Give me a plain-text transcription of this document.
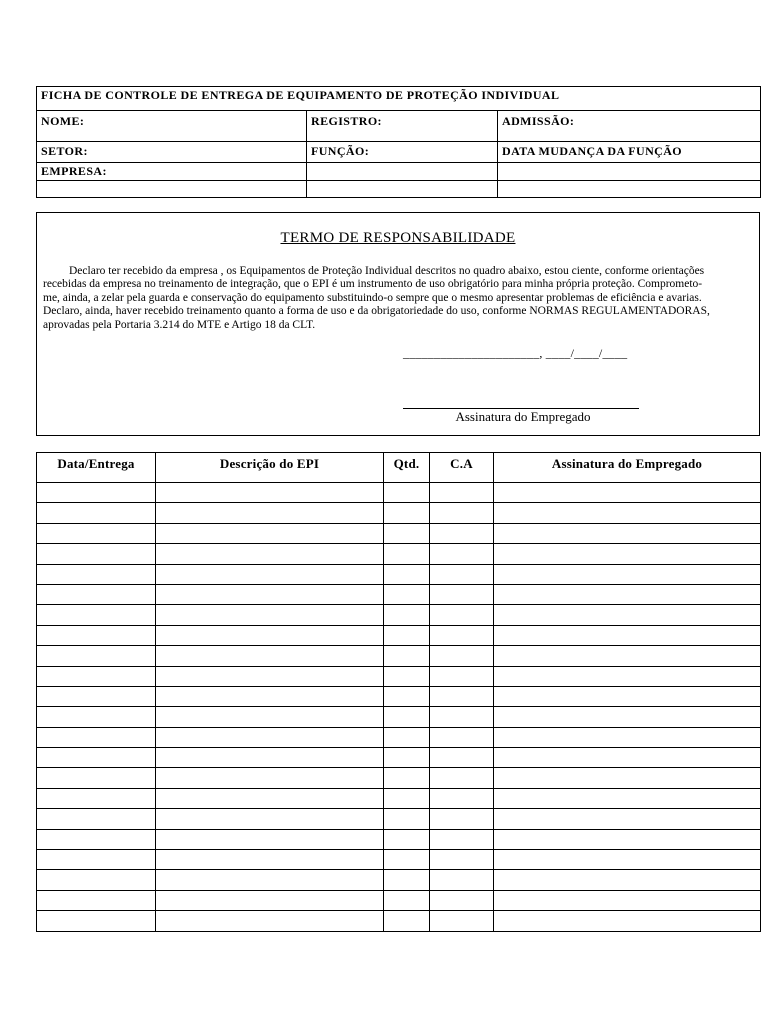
FICHA DE CONTROLE DE ENTREGA DE EQUIPAMENTO DE PROTEÇÃO INDIVIDUAL		
NOME:	REGISTRO:	ADMISSÃO:
SETOR:	FUNÇÃO:	DATA MUDANÇA DA FUNÇÃO
EMPRESA:		

TERMO DE RESPONSABILIDADE

Declaro ter recebido da empresa , os Equipamentos de Proteção Individual descritos no quadro abaixo, estou ciente, conforme orientações recebidas da empresa no treinamento de integração, que o EPI é um instrumento de uso obrigatório para minha própria proteção. Comprometo-me, ainda, a zelar pela guarda e conservação do equipamento substituindo-o sempre que o mesmo apresentar problemas de eficiência e avarias. Declaro, ainda, haver recebido treinamento quanto a forma de uso e da obrigatoriedade do uso, conforme NORMAS REGULAMENTADORAS, aprovadas pela Portaria 3.214 do MTE e Artigo 18 da CLT.

______________________, ____/____/____
Assinatura do Empregado
Data/Entrega	Descrição do EPI	Qtd.	C.A	Assinatura do Empregado
